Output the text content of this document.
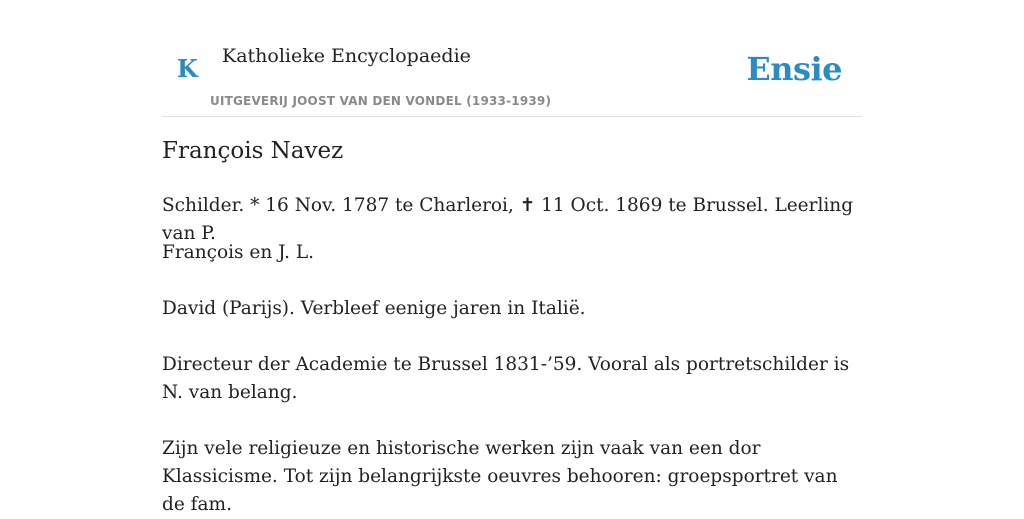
K Katholieke Encyclopaedie
UITGEVERIJ JOOST VAN DEN VONDEL (1933-1939)
Ensie
François Navez

Schilder. * 16 Nov. 1787 te Charleroi, ✝ 11 Oct. 1869 te Brussel. Leerling van P.

François en J. L.

David (Parijs). Verbleef eenige jaren in Italië.

Directeur der Academie te Brussel 1831-’59. Vooral als portretschilder is N. van belang.

Zijn vele religieuze en historische werken zijn vaak van een dor Klassicisme. Tot zijn belangrijkste oeuvres behooren: groepsportret van de fam.
